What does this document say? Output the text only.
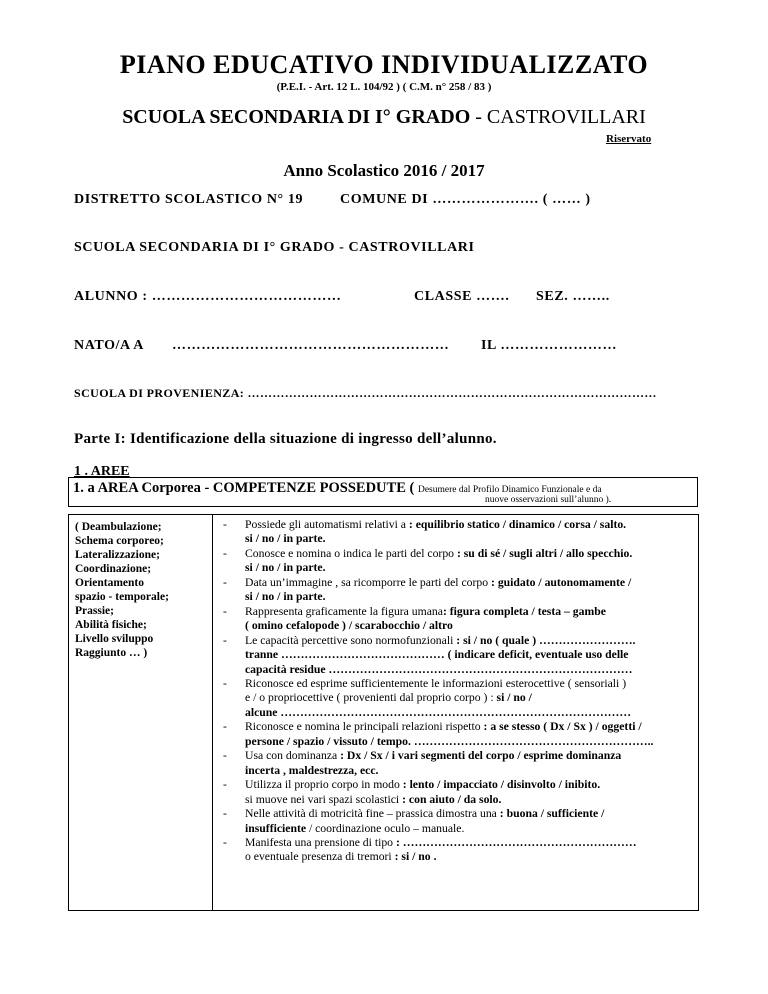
PIANO EDUCATIVO INDIVIDUALIZZATO
(P.E.I. - Art. 12 L. 104/92 ) ( C.M. n° 258 / 83 )
SCUOLA SECONDARIA DI I° GRADO - CASTROVILLARI
Riservato
Anno Scolastico 2016 / 2017
DISTRETTO SCOLASTICO N° 19	COMUNE DI …………………. ( …… )
SCUOLA SECONDARIA DI I° GRADO - CASTROVILLARI
ALUNNO : …………………………………	CLASSE ……. SEZ. ……..
NATO/A A ………………………………………………… IL ……………………
SCUOLA DI PROVENIENZA: ………………………………………………………………………………………
Parte I: Identificazione della situazione di ingresso dell’alunno.
1 . AREE
1. a AREA Corporea - COMPETENZE POSSEDUTE ( Desumere dal Profilo Dinamico Funzionale e da
nuove osservazioni sull’alunno ).
( Deambulazione;
Schema corporeo;
Lateralizzazione;
Coordinazione;
Orientamento
spazio - temporale;
Prassie;
Abilità fisiche;
Livello sviluppo
Raggiunto … )
- Possiede gli automatismi relativi a : equilibrio statico / dinamico / corsa / salto.
si / no / in parte.
- Conosce e nomina o indica le parti del corpo : su di sé / sugli altri / allo specchio.
si / no / in parte.
- Data un’immagine , sa ricomporre le parti del corpo : guidato / autonomamente /
si / no / in parte.
- Rappresenta graficamente la figura umana: figura completa / testa – gambe
( omino cefalopode ) / scarabocchio / altro
- Le capacità percettive sono normofunzionali : si / no ( quale ) …………………….
tranne …………………………………… ( indicare deficit, eventuale uso delle
capacità residue ……………………………………………………………………
- Riconosce ed esprime sufficientemente le informazioni esterocettive ( sensoriali )
e / o propriocettive ( provenienti dal proprio corpo ) : si / no /
alcune ………………………………………………………………………………
- Riconosce e nomina le principali relazioni rispetto : a se stesso ( Dx / Sx ) / oggetti /
persone / spazio / vissuto / tempo. ……………………………………………………..
- Usa con dominanza : Dx / Sx / i vari segmenti del corpo / esprime dominanza
incerta , maldestrezza, ecc.
- Utilizza il proprio corpo in modo : lento / impacciato / disinvolto / inibito.
si muove nei vari spazi scolastici : con aiuto / da solo.
- Nelle attività di motricità fine – prassica dimostra una : buona / sufficiente /
insufficiente / coordinazione oculo – manuale.
- Manifesta una prensione di tipo : ……………………………………………………
o eventuale presenza di tremori : si / no .
